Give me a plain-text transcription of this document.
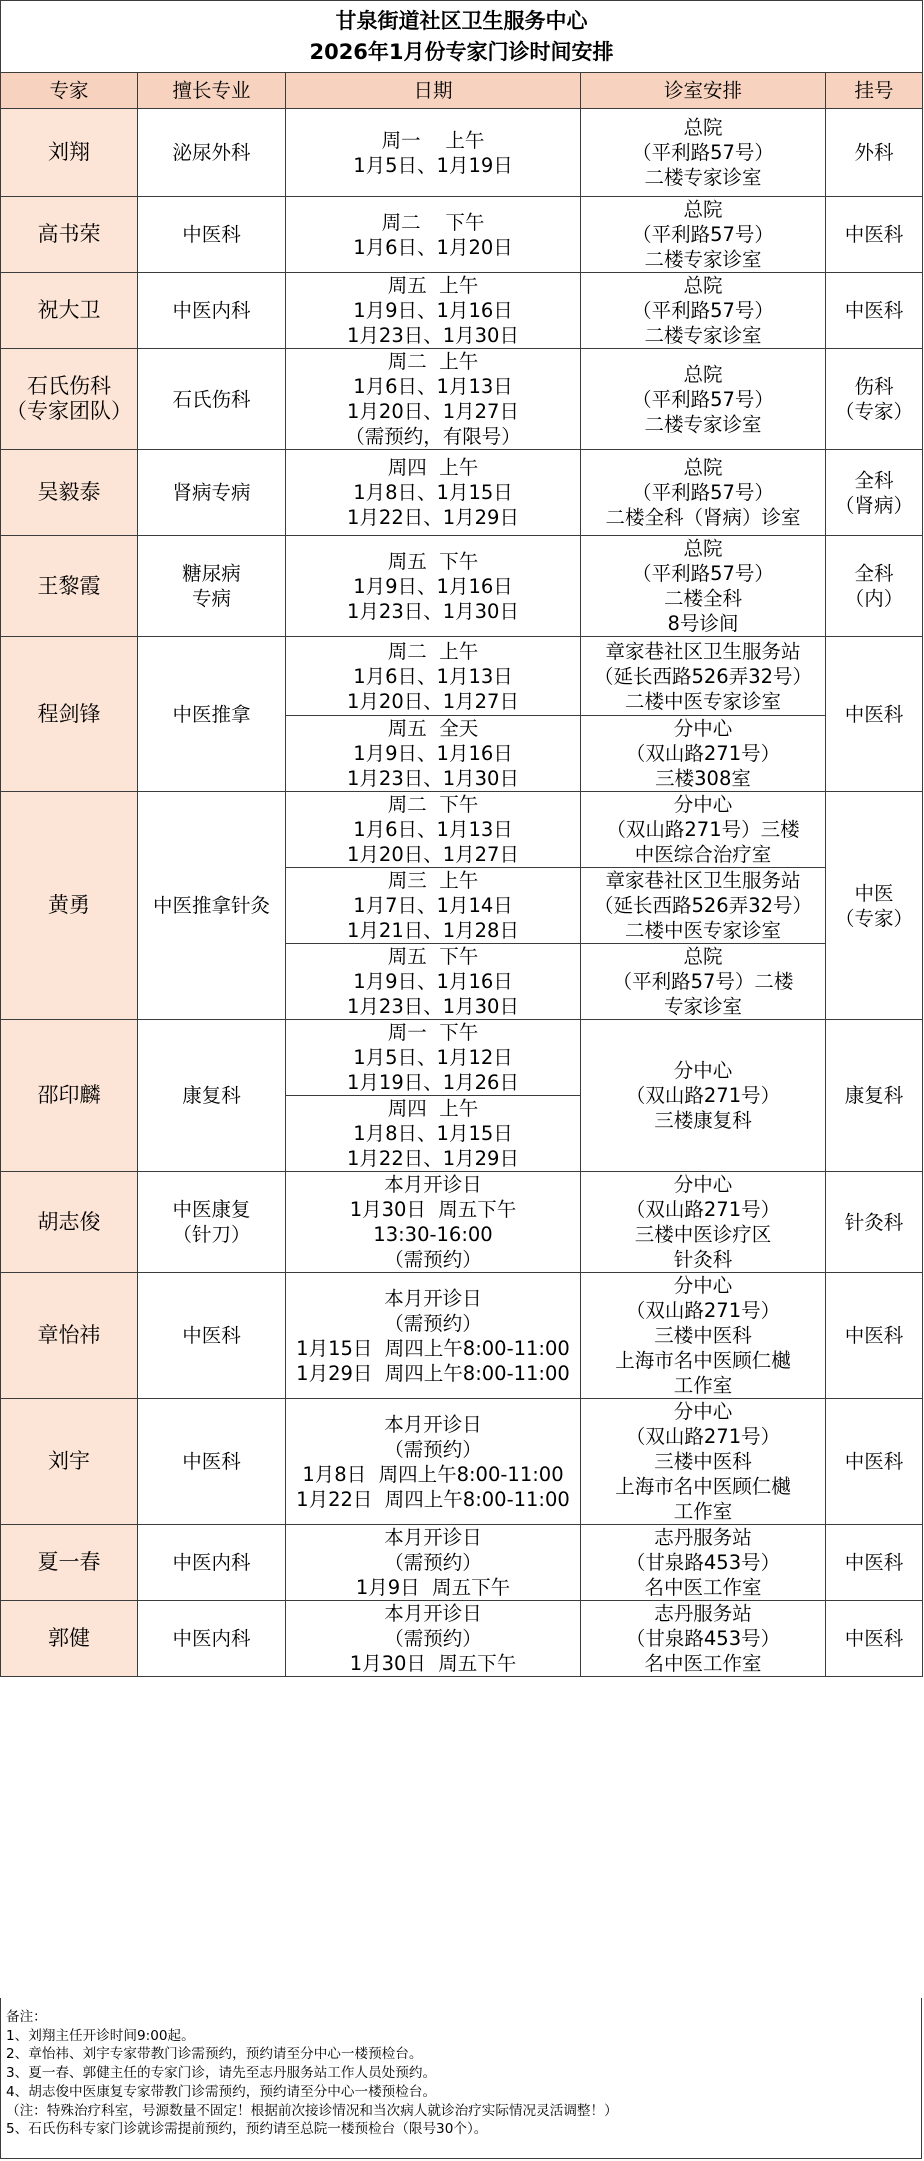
甘泉街道社区卫生服务中心
2026年1月份专家门诊时间安排				

专家	擅长专业	日期	诊室安排	挂号

刘翔	泌尿外科	周一    上午
1月5日、1月19日	总院
（平利路57号）
二楼专家诊室	外科

高书荣	中医科	周二    下午
1月6日、1月20日	总院
（平利路57号）
二楼专家诊室	中医科

祝大卫	中医内科	周五  上午
1月9日、1月16日
1月23日、1月30日	总院
（平利路57号）
二楼专家诊室	中医科

石氏伤科
（专家团队）	石氏伤科	周二  上午
1月6日、1月13日
1月20日、1月27日
（需预约，有限号）	总院
（平利路57号）
二楼专家诊室	伤科
（专家）

吴毅泰	肾病专病	周四  上午
1月8日、1月15日
1月22日、1月29日	总院
（平利路57号）
二楼全科（肾病）诊室	全科
（肾病）

王黎霞	糖尿病
专病	周五  下午
1月9日、1月16日
1月23日、1月30日	总院
（平利路57号）
二楼全科
8号诊间	全科
（内）

程剑锋	中医推拿	周二  上午
1月6日、1月13日
1月20日、1月27日	章家巷社区卫生服务站
（延长西路526弄32号）
二楼中医专家诊室	中医科

		周五  全天
1月9日、1月16日
1月23日、1月30日	分中心
（双山路271号）
三楼308室	

黄勇	中医推拿针灸	周二  下午
1月6日、1月13日
1月20日、1月27日	分中心
（双山路271号）三楼
中医综合治疗室	中医
（专家）

		周三  上午
1月7日、1月14日
1月21日、1月28日	章家巷社区卫生服务站
（延长西路526弄32号）
二楼中医专家诊室	

		周五  下午
1月9日、1月16日
1月23日、1月30日	总院
（平利路57号）二楼
专家诊室	

邵印麟	康复科	周一  下午
1月5日、1月12日
1月19日、1月26日	分中心
（双山路271号）
三楼康复科	康复科

		周四  上午
1月8日、1月15日
1月22日、1月29日		

胡志俊	中医康复
（针刀）	本月开诊日
1月30日  周五下午
13:30-16:00
（需预约）	分中心
（双山路271号）
三楼中医诊疗区
针灸科	针灸科

章怡祎	中医科	本月开诊日
（需预约）
1月15日  周四上午8:00-11:00
1月29日  周四上午8:00-11:00	分中心
（双山路271号）
三楼中医科
上海市名中医顾仁樾
工作室	中医科

刘宇	中医科	本月开诊日
（需预约）
1月8日  周四上午8:00-11:00
1月22日  周四上午8:00-11:00	分中心
（双山路271号）
三楼中医科
上海市名中医顾仁樾
工作室	中医科

夏一春	中医内科	本月开诊日
（需预约）
1月9日  周五下午	志丹服务站
（甘泉路453号）
名中医工作室	中医科

郭健	中医内科	本月开诊日
（需预约）
1月30日  周五下午	志丹服务站
（甘泉路453号）
名中医工作室	中医科
备注：
1、刘翔主任开诊时间9:00起。
2、章怡祎、刘宇专家带教门诊需预约，预约请至分中心一楼预检台。
3、夏一春、郭健主任的专家门诊，请先至志丹服务站工作人员处预约。
4、胡志俊中医康复专家带教门诊需预约，预约请至分中心一楼预检台。
（注：特殊治疗科室，号源数量不固定！根据前次接诊情况和当次病人就诊治疗实际情况灵活调整！）
5、石氏伤科专家门诊就诊需提前预约，预约请至总院一楼预检台（限号30个）。
